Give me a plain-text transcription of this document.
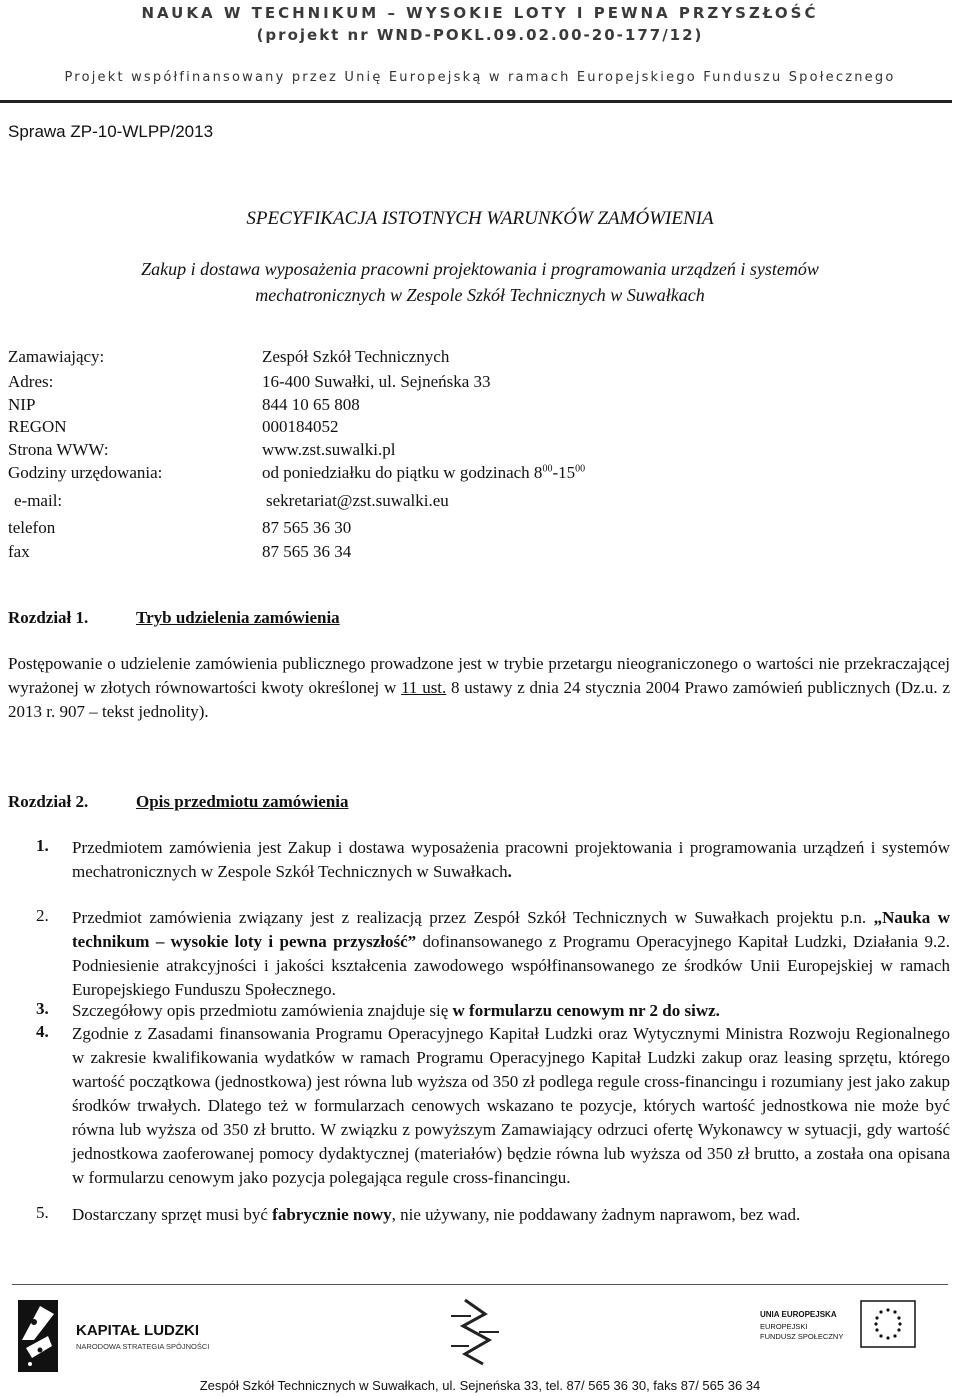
NAUKA W TECHNIKUM – WYSOKIE LOTY I PEWNA PRZYSZŁOŚĆ
(projekt nr WND-POKL.09.02.00-20-177/12)
Projekt współfinansowany przez Unię Europejską w ramach Europejskiego Funduszu Społecznego
Sprawa ZP-10-WLPP/2013
SPECYFIKACJA ISTOTNYCH WARUNKÓW ZAMÓWIENIA
Zakup i dostawa wyposażenia pracowni projektowania i programowania urządzeń i systemów
mechatronicznych w Zespole Szkół Technicznych w Suwałkach
Zamawiający:	Zespół Szkół Technicznych
Adres:	16-400 Suwałki, ul. Sejneńska 33
NIP	844 10 65 808
REGON	000184052
Strona WWW:	www.zst.suwalki.pl
Godziny urzędowania:	od poniedziałku do piątku w godzinach $8^{00}-15^{00}$
e-mail:	sekretariat@zst.suwalki.eu
telefon	87 565 36 30
fax	87 565 36 34
Rozdział 1.	Tryb udzielenia zamówienia
Postępowanie o udzielenie zamówienia publicznego prowadzone jest w trybie przetargu nieograniczonego o wartości nie przekraczającej wyrażonej w złotych równowartości kwoty określonej w 11 ust. 8 ustawy z dnia 24 stycznia 2004 Prawo zamówień publicznych (Dz.u. z 2013 r. 907 – tekst jednolity).
Rozdział 2.	Opis przedmiotu zamówienia
1. Przedmiotem zamówienia jest Zakup i dostawa wyposażenia pracowni projektowania i programowania urządzeń i systemów mechatronicznych w Zespole Szkół Technicznych w Suwałkach.
2. Przedmiot zamówienia związany jest z realizacją przez Zespół Szkół Technicznych w Suwałkach projektu p.n. „Nauka w technikum – wysokie loty i pewna przyszłość” dofinansowanego z Programu Operacyjnego Kapitał Ludzki, Działania 9.2. Podniesienie atrakcyjności i jakości kształcenia zawodowego współfinansowanego ze środków Unii Europejskiej w ramach Europejskiego Funduszu Społecznego.
3. Szczegółowy opis przedmiotu zamówienia znajduje się w formularzu cenowym nr 2 do siwz.
4. Zgodnie z Zasadami finansowania Programu Operacyjnego Kapitał Ludzki oraz Wytycznymi Ministra Rozwoju Regionalnego w zakresie kwalifikowania wydatków w ramach Programu Operacyjnego Kapitał Ludzki zakup oraz leasing sprzętu, którego wartość początkowa (jednostkowa) jest równa lub wyższa od 350 zł podlega regule cross-financingu i rozumiany jest jako zakup środków trwałych. Dlatego też w formularzach cenowych wskazano te pozycje, których wartość jednostkowa nie może być równa lub wyższa od 350 zł brutto. W związku z powyższym Zamawiający odrzuci ofertę Wykonawcy w sytuacji, gdy wartość jednostkowa zaoferowanej pomocy dydaktycznej (materiałów) będzie równa lub wyższa od 350 zł brutto, a została ona opisana w formularzu cenowym jako pozycja polegająca regule cross-financingu.
5. Dostarczany sprzęt musi być fabrycznie nowy, nie używany, nie poddawany żadnym naprawom, bez wad.
KAPITAŁ LUDZKI
NARODOWA STRATEGIA SPÓJNOŚCI
UNIA EUROPEJSKA
EUROPEJSKI
FUNDUSZ SPOŁECZNY
Zespół Szkół Technicznych w Suwałkach, ul. Sejneńska 33, tel. 87/ 565 36 30, faks 87/ 565 36 34
